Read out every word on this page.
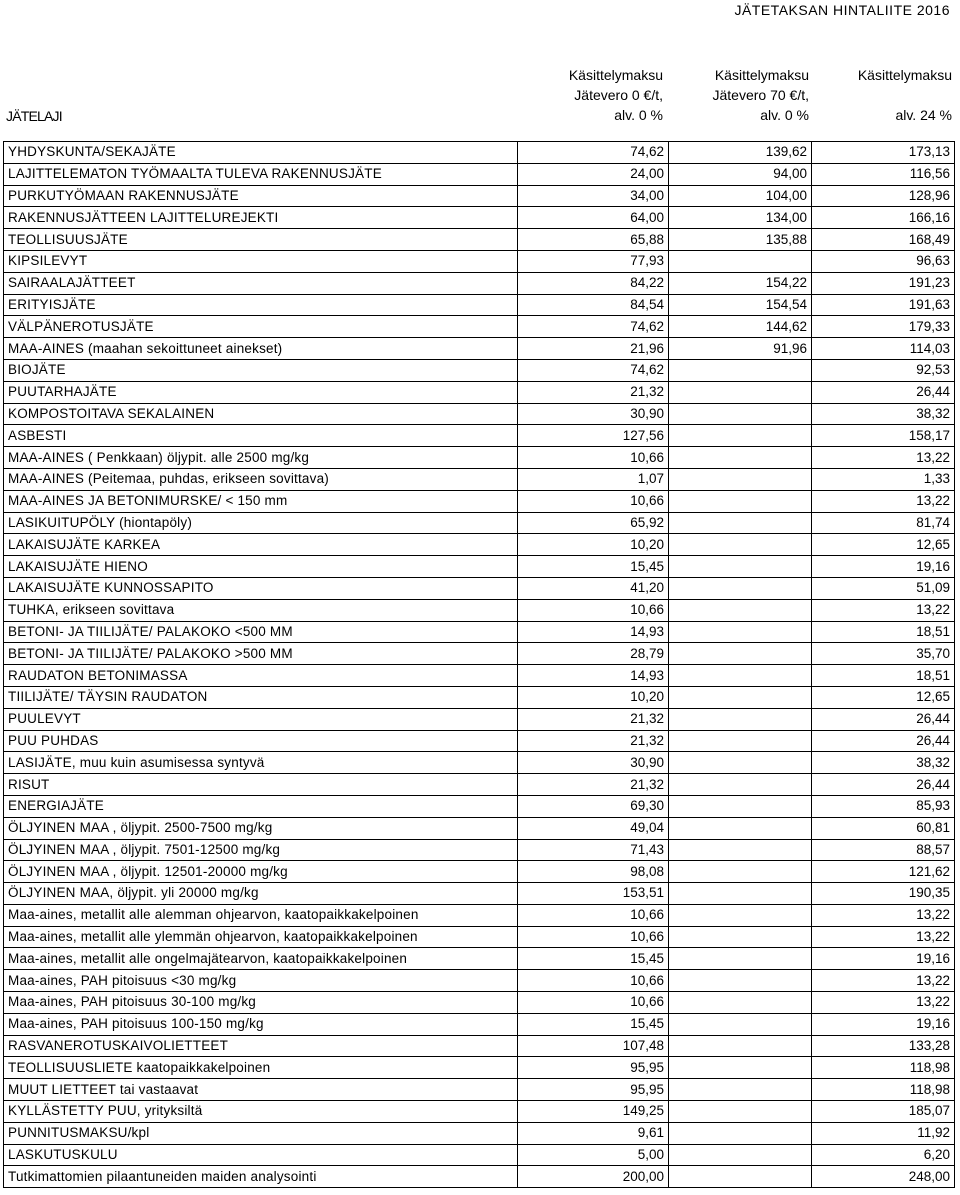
JÄTETAKSAN HINTALIITE 2016
JÄTELAJI
Käsittelymaksu
Jätevero 0 €/t,
alv. 0 %
Käsittelymaksu
Jätevero 70 €/t,
alv. 0 %
Käsittelymaksu
alv. 24 %
YHDYSKUNTA/SEKAJÄTE	74,62	139,62	173,13
LAJITTELEMATON TYÖMAALTA TULEVA RAKENNUSJÄTE	24,00	94,00	116,56
PURKUTYÖMAAN RAKENNUSJÄTE	34,00	104,00	128,96
RAKENNUSJÄTTEEN LAJITTELUREJEKTI	64,00	134,00	166,16
TEOLLISUUSJÄTE	65,88	135,88	168,49
KIPSILEVYT	77,93		96,63
SAIRAALAJÄTTEET	84,22	154,22	191,23
ERITYISJÄTE	84,54	154,54	191,63
VÄLPÄNEROTUSJÄTE	74,62	144,62	179,33
MAA-AINES (maahan sekoittuneet ainekset)	21,96	91,96	114,03
BIOJÄTE	74,62		92,53
PUUTARHAJÄTE	21,32		26,44
KOMPOSTOITAVA SEKALAINEN	30,90		38,32
ASBESTI	127,56		158,17
MAA-AINES ( Penkkaan) öljypit. alle 2500 mg/kg	10,66		13,22
MAA-AINES (Peitemaa, puhdas, erikseen sovittava)	1,07		1,33
MAA-AINES JA BETONIMURSKE/ < 150 mm	10,66		13,22
LASIKUITUPÖLY (hiontapöly)	65,92		81,74
LAKAISUJÄTE KARKEA	10,20		12,65
LAKAISUJÄTE HIENO	15,45		19,16
LAKAISUJÄTE KUNNOSSAPITO	41,20		51,09
TUHKA, erikseen sovittava	10,66		13,22
BETONI- JA TIILIJÄTE/ PALAKOKO <500 MM	14,93		18,51
BETONI- JA TIILIJÄTE/ PALAKOKO >500 MM	28,79		35,70
RAUDATON BETONIMASSA	14,93		18,51
TIILIJÄTE/ TÄYSIN RAUDATON	10,20		12,65
PUULEVYT	21,32		26,44
PUU PUHDAS	21,32		26,44
LASIJÄTE, muu kuin asumisessa syntyvä	30,90		38,32
RISUT	21,32		26,44
ENERGIAJÄTE	69,30		85,93
ÖLJYINEN MAA , öljypit. 2500-7500 mg/kg	49,04		60,81
ÖLJYINEN MAA , öljypit. 7501-12500 mg/kg	71,43		88,57
ÖLJYINEN MAA , öljypit. 12501-20000 mg/kg	98,08		121,62
ÖLJYINEN MAA, öljypit. yli 20000 mg/kg	153,51		190,35
Maa-aines, metallit alle alemman ohjearvon, kaatopaikkakelpoinen	10,66		13,22
Maa-aines, metallit alle ylemmän ohjearvon, kaatopaikkakelpoinen	10,66		13,22
Maa-aines, metallit alle ongelmajätearvon, kaatopaikkakelpoinen	15,45		19,16
Maa-aines, PAH pitoisuus <30 mg/kg	10,66		13,22
Maa-aines, PAH pitoisuus 30-100 mg/kg	10,66		13,22
Maa-aines, PAH pitoisuus 100-150 mg/kg	15,45		19,16
RASVANEROTUSKAIVOLIETTEET	107,48		133,28
TEOLLISUUSLIETE kaatopaikkakelpoinen	95,95		118,98
MUUT LIETTEET tai vastaavat	95,95		118,98
KYLLÄSTETTY PUU, yrityksiltä	149,25		185,07
PUNNITUSMAKSU/kpl	9,61		11,92
LASKUTUSKULU	5,00		6,20
Tutkimattomien pilaantuneiden maiden analysointi	200,00		248,00
